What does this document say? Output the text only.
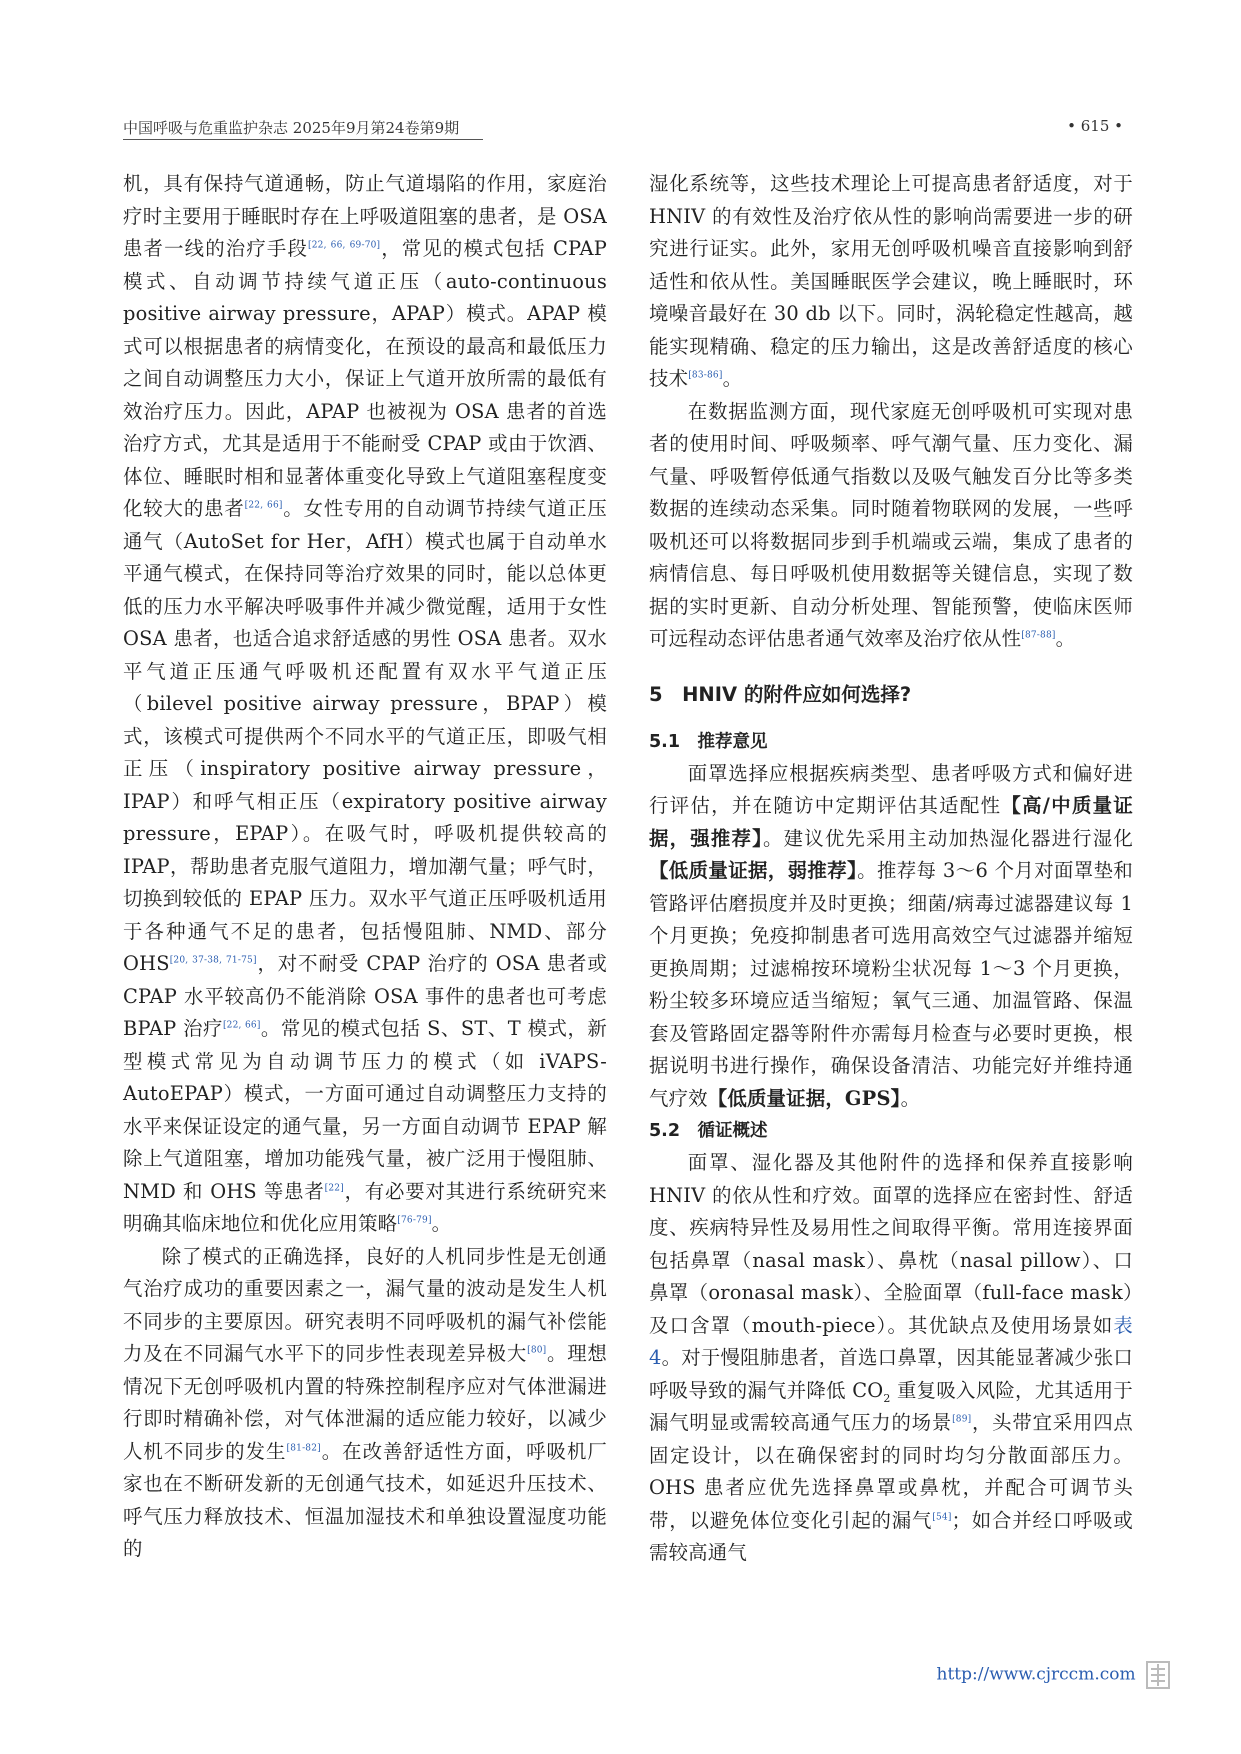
中国呼吸与危重监护杂志 2025年9月第24卷第9期	• 615 •

机，具有保持气道通畅，防止气道塌陷的作用，家庭治疗时主要用于睡眠时存在上呼吸道阻塞的患者，是 OSA 患者一线的治疗手段[22, 66, 69-70]，常见的模式包括 CPAP 模式、自动调节持续气道正压（auto-continuous positive airway pressure，APAP）模式。APAP 模式可以根据患者的病情变化，在预设的最高和最低压力之间自动调整压力大小，保证上气道开放所需的最低有效治疗压力。因此，APAP 也被视为 OSA 患者的首选治疗方式，尤其是适用于不能耐受 CPAP 或由于饮酒、体位、睡眠时相和显著体重变化导致上气道阻塞程度变化较大的患者[22, 66]。女性专用的自动调节持续气道正压通气（AutoSet for Her，AfH）模式也属于自动单水平通气模式，在保持同等治疗效果的同时，能以总体更低的压力水平解决呼吸事件并减少微觉醒，适用于女性 OSA 患者，也适合追求舒适感的男性 OSA 患者。双水平气道正压通气呼吸机还配置有双水平气道正压（bilevel positive airway pressure，BPAP）模式，该模式可提供两个不同水平的气道正压，即吸气相正压（inspiratory positive airway pressure，IPAP）和呼气相正压（expiratory positive airway pressure，EPAP）。在吸气时，呼吸机提供较高的 IPAP，帮助患者克服气道阻力，增加潮气量；呼气时，切换到较低的 EPAP 压力。双水平气道正压呼吸机适用于各种通气不足的患者，包括慢阻肺、NMD、部分 OHS[20, 37-38, 71-75]，对不耐受 CPAP 治疗的 OSA 患者或 CPAP 水平较高仍不能消除 OSA 事件的患者也可考虑 BPAP 治疗[22, 66]。常见的模式包括 S、ST、T 模式，新型模式常见为自动调节压力的模式（如 iVAPS-AutoEPAP）模式，一方面可通过自动调整压力支持的水平来保证设定的通气量，另一方面自动调节 EPAP 解除上气道阻塞，增加功能残气量，被广泛用于慢阻肺、NMD 和 OHS 等患者[22]，有必要对其进行系统研究来明确其临床地位和优化应用策略[76-79]。

除了模式的正确选择，良好的人机同步性是无创通气治疗成功的重要因素之一，漏气量的波动是发生人机不同步的主要原因。研究表明不同呼吸机的漏气补偿能力及在不同漏气水平下的同步性表现差异极大[80]。理想情况下无创呼吸机内置的特殊控制程序应对气体泄漏进行即时精确补偿，对气体泄漏的适应能力较好，以减少人机不同步的发生[81-82]。在改善舒适性方面，呼吸机厂家也在不断研发新的无创通气技术，如延迟升压技术、呼气压力释放技术、恒温加湿技术和单独设置湿度功能的

湿化系统等，这些技术理论上可提高患者舒适度，对于 HNIV 的有效性及治疗依从性的影响尚需要进一步的研究进行证实。此外，家用无创呼吸机噪音直接影响到舒适性和依从性。美国睡眠医学会建议，晚上睡眠时，环境噪音最好在 30 db 以下。同时，涡轮稳定性越高，越能实现精确、稳定的压力输出，这是改善舒适度的核心技术[83-86]。

在数据监测方面，现代家庭无创呼吸机可实现对患者的使用时间、呼吸频率、呼气潮气量、压力变化、漏气量、呼吸暂停低通气指数以及吸气触发百分比等多类数据的连续动态采集。同时随着物联网的发展，一些呼吸机还可以将数据同步到手机端或云端，集成了患者的病情信息、每日呼吸机使用数据等关键信息，实现了数据的实时更新、自动分析处理、智能预警，使临床医师可远程动态评估患者通气效率及治疗依从性[87-88]。

5　HNIV 的附件应如何选择?
5.1　推荐意见

面罩选择应根据疾病类型、患者呼吸方式和偏好进行评估，并在随访中定期评估其适配性【高/中质量证据，强推荐】。建议优先采用主动加热湿化器进行湿化【低质量证据，弱推荐】。推荐每 3～6 个月对面罩垫和管路评估磨损度并及时更换；细菌/病毒过滤器建议每 1 个月更换；免疫抑制患者可选用高效空气过滤器并缩短更换周期；过滤棉按环境粉尘状况每 1～3 个月更换，粉尘较多环境应适当缩短；氧气三通、加温管路、保温套及管路固定器等附件亦需每月检查与必要时更换，根据说明书进行操作，确保设备清洁、功能完好并维持通气疗效【低质量证据，GPS】。

5.2　循证概述

面罩、湿化器及其他附件的选择和保养直接影响 HNIV 的依从性和疗效。面罩的选择应在密封性、舒适度、疾病特异性及易用性之间取得平衡。常用连接界面包括鼻罩（nasal mask）、鼻枕（nasal pillow）、口鼻罩（oronasal mask）、全脸面罩（full-face mask）及口含罩（mouth-piece）。其优缺点及使用场景如表 4。对于慢阻肺患者，首选口鼻罩，因其能显著减少张口呼吸导致的漏气并降低 $CO_2$ 重复吸入风险，尤其适用于漏气明显或需较高通气压力的场景[89]，头带宜采用四点固定设计，以在确保密封的同时均匀分散面部压力。OHS 患者应优先选择鼻罩或鼻枕，并配合可调节头带，以避免体位变化引起的漏气[54]；如合并经口呼吸或需较高通气

http://www.cjrccm.com
